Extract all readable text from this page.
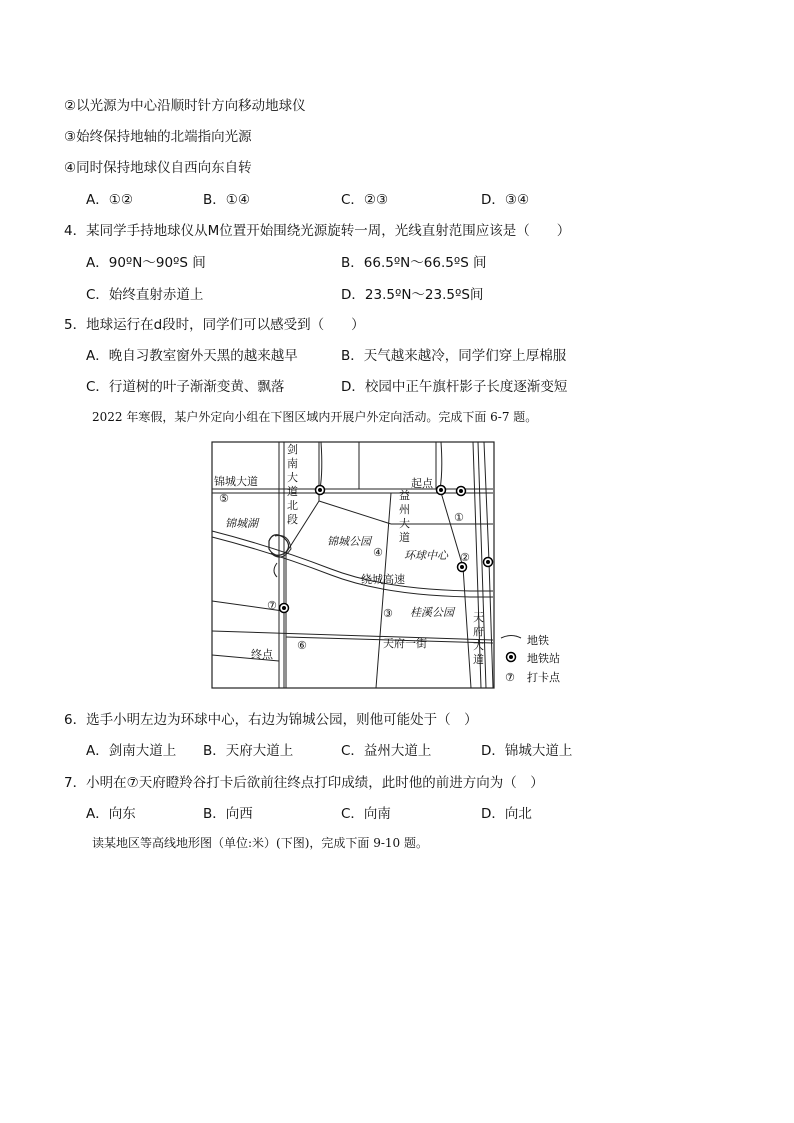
②以光源为中心沿顺时针方向移动地球仪
③始终保持地轴的北端指向光源
④同时保持地球仪自西向东自转
A．①②	B．①④	C．②③	D．③④
4．某同学手持地球仪从M位置开始围绕光源旋转一周，光线直射范围应该是（　　）
A．90ºN～90ºS 间	B．66.5ºN～66.5ºS 间
C．始终直射赤道上	D．23.5ºN～23.5ºS间
5．地球运行在d段时，同学们可以感受到（　　）
A．晚自习教室窗外天黑的越来越早	B．天气越来越冷，同学们穿上厚棉服
C．行道树的叶子渐渐变黄、飘落	D．校园中正午旗杆影子长度逐渐变短
2022 年寒假，某户外定向小组在下图区域内开展户外定向活动。完成下面 6-7 题。
剑
南
大
道
北
段
锦城大道
⑤
锦城湖
锦城公园
④
起点
益
州
大
道
①
环球中心 ②
绕城高速
⑦
③ 桂溪公园
天府一街
终点
⑥
天
府
大
道
地铁
地铁站
⑦ 打卡点
6．选手小明左边为环球中心，右边为锦城公园，则他可能处于（　）
A．剑南大道上 B．天府大道上	C．益州大道上	D．锦城大道上
7．小明在⑦天府瞪羚谷打卡后欲前往终点打印成绩，此时他的前进方向为（　）
A．向东	B．向西	C．向南	D．向北
读某地区等高线地形图（单位:米）(下图)，完成下面 9-10 题。
